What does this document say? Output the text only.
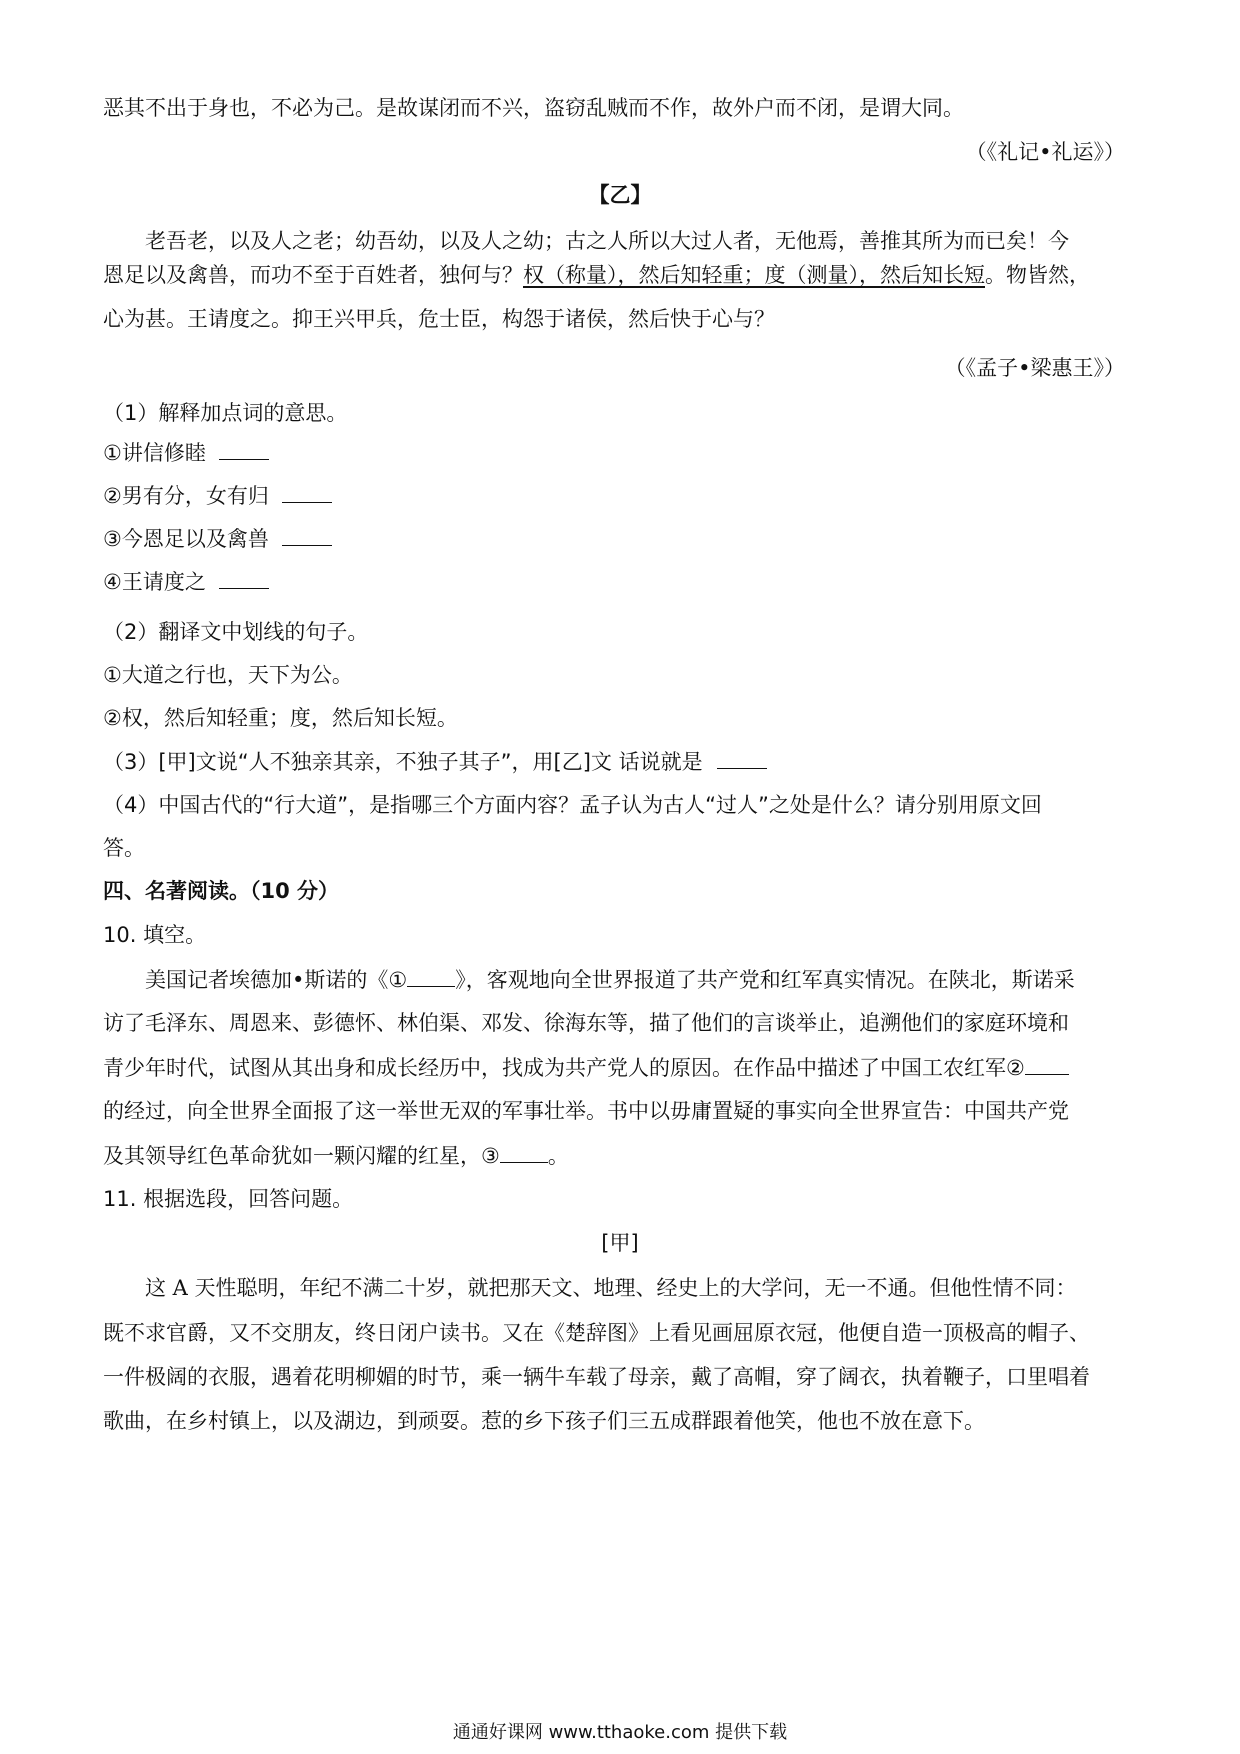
恶其不出于身也，不必为己。是故谋闭而不兴，盗窃乱贼而不作，故外户而不闭，是谓大同。
（《礼记•礼运》）
【乙】
老吾老，以及人之老；幼吾幼，以及人之幼；古之人所以大过人者，无他焉，善推其所为而已矣！今
恩足以及禽兽，而功不至于百姓者，独何与？权（称量），然后知轻重；度（测量），然后知长短。物皆然，
心为甚。王请度之。抑王兴甲兵，危士臣，构怨于诸侯，然后快于心与？
（《孟子•梁惠王》）
（1）解释加点词的意思。
①讲信修睦
②男有分，女有归
③今恩足以及禽兽
④王请度之
（2）翻译文中划线的句子。
①大道之行也，天下为公。
②权，然后知轻重；度，然后知长短。
（3）[甲]文说“人不独亲其亲，不独子其子”，用[乙]文 话说就是
（4）中国古代的“行大道”，是指哪三个方面内容？孟子认为古人“过人”之处是什么？请分别用原文回
答。
四、名著阅读。（10 分）
10. 填空。
美国记者埃德加•斯诺的《① 》，客观地向全世界报道了共产党和红军真实情况。在陕北，斯诺采
访了毛泽东、周恩来、彭德怀、林伯渠、邓发、徐海东等，描了他们的言谈举止，追溯他们的家庭环境和
青少年时代，试图从其出身和成长经历中，找成为共产党人的原因。在作品中描述了中国工农红军②
的经过，向全世界全面报了这一举世无双的军事壮举。书中以毋庸置疑的事实向全世界宣告：中国共产党
及其领导红色革命犹如一颗闪耀的红星，③ 。
11. 根据选段，回答问题。
[甲]
这 A 天性聪明，年纪不满二十岁，就把那天文、地理、经史上的大学问，无一不通。但他性情不同：
既不求官爵，又不交朋友，终日闭户读书。又在《楚辞图》上看见画屈原衣冠，他便自造一顶极高的帽子、
一件极阔的衣服，遇着花明柳媚的时节，乘一辆牛车载了母亲，戴了高帽，穿了阔衣，执着鞭子，口里唱着
歌曲，在乡村镇上，以及湖边，到顽耍。惹的乡下孩子们三五成群跟着他笑，他也不放在意下。
通通好课网 www.tthaoke.com 提供下载
